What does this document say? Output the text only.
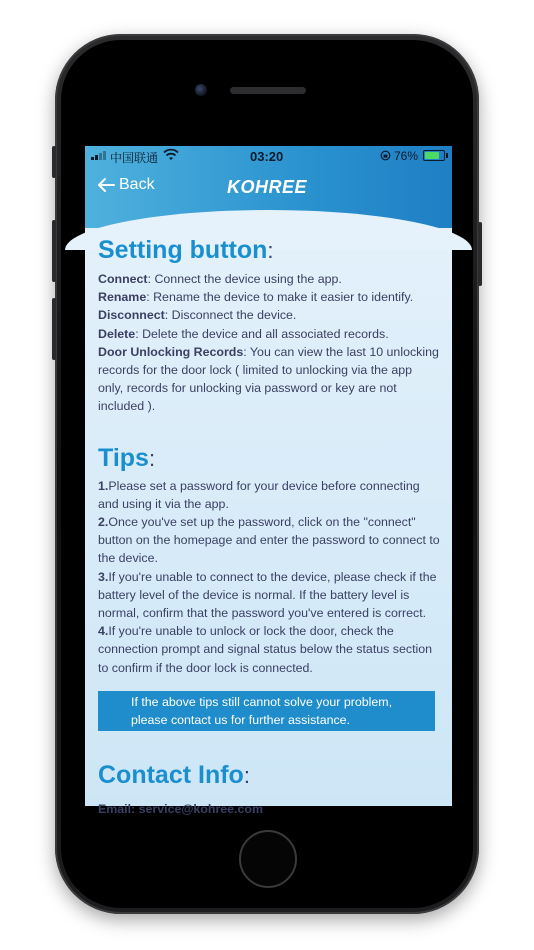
中国联通	03:20	76%
Back	KOHREE
Setting button:

Connect: Connect the device using the app.

Rename: Rename the device to make it easier to identify.

Disconnect: Disconnect the device.

Delete: Delete the device and all associated records.

Door Unlocking Records: You can view the last 10 unlocking records for the door lock ( limited to unlocking via the app only, records for unlocking via password or key are not included ).

Tips:

1.Please set a password for your device before connecting and using it via the app.

2.Once you've set up the password, click on the "connect" button on the homepage and enter the password to connect to the device.

3.If you're unable to connect to the device, please check if the battery level of the device is normal. If the battery level is normal, confirm that the password you've entered is correct.

4.If you're unable to unlock or lock the door, check the connection prompt and signal status below the status section to confirm if the door lock is connected.

If the above tips still cannot solve your problem,
please contact us for further assistance.
Contact Info:
Email: service@kohree.com
